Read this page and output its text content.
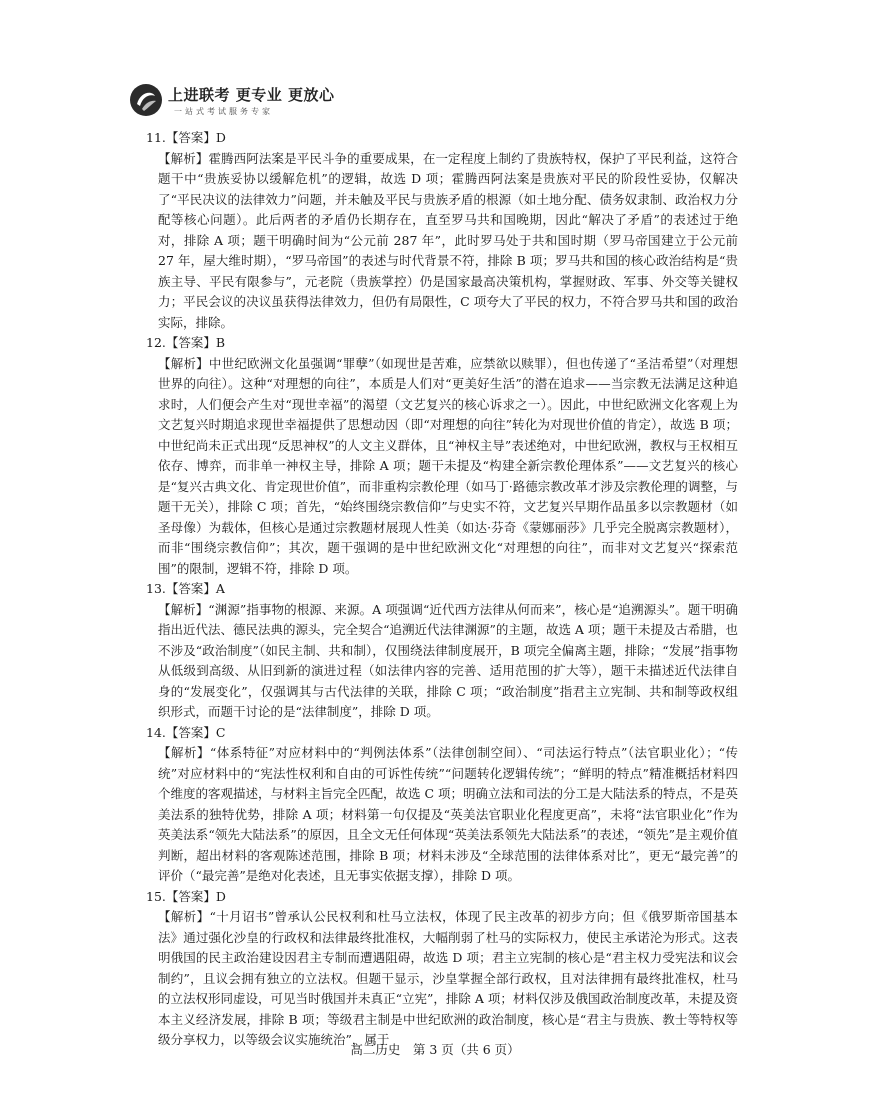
上进联考 更专业 更放心
一站式考试服务专家
11.【答案】D

【解析】霍腾西阿法案是平民斗争的重要成果，在一定程度上制约了贵族特权，保护了平民利益，这符合题干中“贵族妥协以缓解危机”的逻辑，故选 D 项；霍腾西阿法案是贵族对平民的阶段性妥协，仅解决了“平民决议的法律效力”问题，并未触及平民与贵族矛盾的根源（如土地分配、债务奴隶制、政治权力分配等核心问题）。此后两者的矛盾仍长期存在，直至罗马共和国晚期，因此“解决了矛盾”的表述过于绝对，排除 A 项；题干明确时间为“公元前 287 年”，此时罗马处于共和国时期（罗马帝国建立于公元前 27 年，屋大维时期），“罗马帝国”的表述与时代背景不符，排除 B 项；罗马共和国的核心政治结构是“贵族主导、平民有限参与”，元老院（贵族掌控）仍是国家最高决策机构，掌握财政、军事、外交等关键权力；平民会议的决议虽获得法律效力，但仍有局限性，C 项夸大了平民的权力，不符合罗马共和国的政治实际，排除。

12.【答案】B

【解析】中世纪欧洲文化虽强调“罪孽”（如现世是苦难，应禁欲以赎罪），但也传递了“圣洁希望”（对理想世界的向往）。这种“对理想的向往”，本质是人们对“更美好生活”的潜在追求——当宗教无法满足这种追求时，人们便会产生对“现世幸福”的渴望（文艺复兴的核心诉求之一）。因此，中世纪欧洲文化客观上为文艺复兴时期追求现世幸福提供了思想动因（即“对理想的向往”转化为对现世价值的肯定），故选 B 项；中世纪尚未正式出现“反思神权”的人文主义群体，且“神权主导”表述绝对，中世纪欧洲，教权与王权相互依存、博弈，而非单一神权主导，排除 A 项；题干未提及“构建全新宗教伦理体系”——文艺复兴的核心是“复兴古典文化、肯定现世价值”，而非重构宗教伦理（如马丁·路德宗教改革才涉及宗教伦理的调整，与题干无关），排除 C 项；首先，“始终围绕宗教信仰”与史实不符，文艺复兴早期作品虽多以宗教题材（如圣母像）为载体，但核心是通过宗教题材展现人性美（如达·芬奇《蒙娜丽莎》几乎完全脱离宗教题材），而非“围绕宗教信仰”；其次，题干强调的是中世纪欧洲文化“对理想的向往”，而非对文艺复兴“探索范围”的限制，逻辑不符，排除 D 项。

13.【答案】A

【解析】“渊源”指事物的根源、来源。A 项强调“近代西方法律从何而来”，核心是“追溯源头”。题干明确指出近代法、德民法典的源头，完全契合“追溯近代法律渊源”的主题，故选 A 项；题干未提及古希腊，也不涉及“政治制度”（如民主制、共和制），仅围绕法律制度展开，B 项完全偏离主题，排除；“发展”指事物从低级到高级、从旧到新的演进过程（如法律内容的完善、适用范围的扩大等），题干未描述近代法律自身的“发展变化”，仅强调其与古代法律的关联，排除 C 项；“政治制度”指君主立宪制、共和制等政权组织形式，而题干讨论的是“法律制度”，排除 D 项。

14.【答案】C

【解析】“体系特征”对应材料中的“判例法体系”（法律创制空间）、“司法运行特点”（法官职业化）；“传统”对应材料中的“宪法性权利和自由的可诉性传统”“问题转化逻辑传统”；“鲜明的特点”精准概括材料四个维度的客观描述，与材料主旨完全匹配，故选 C 项；明确立法和司法的分工是大陆法系的特点，不是英美法系的独特优势，排除 A 项；材料第一句仅提及“英美法官职业化程度更高”，未将“法官职业化”作为英美法系“领先大陆法系”的原因，且全文无任何体现“英美法系领先大陆法系”的表述，“领先”是主观价值判断，超出材料的客观陈述范围，排除 B 项；材料未涉及“全球范围的法律体系对比”，更无“最完善”的评价（“最完善”是绝对化表述，且无事实依据支撑），排除 D 项。

15.【答案】D

【解析】“十月诏书”曾承认公民权利和杜马立法权，体现了民主改革的初步方向；但《俄罗斯帝国基本法》通过强化沙皇的行政权和法律最终批准权，大幅削弱了杜马的实际权力，使民主承诺沦为形式。这表明俄国的民主政治建设因君主专制而遭遇阻碍，故选 D 项；君主立宪制的核心是“君主权力受宪法和议会制约”，且议会拥有独立的立法权。但题干显示，沙皇掌握全部行政权，且对法律拥有最终批准权，杜马的立法权形同虚设，可见当时俄国并未真正“立宪”，排除 A 项；材料仅涉及俄国政治制度改革，未提及资本主义经济发展，排除 B 项；等级君主制是中世纪欧洲的政治制度，核心是“君主与贵族、教士等特权等级分享权力，以等级会议实施统治”，属于

高二历史　第 3 页（共 6 页）
